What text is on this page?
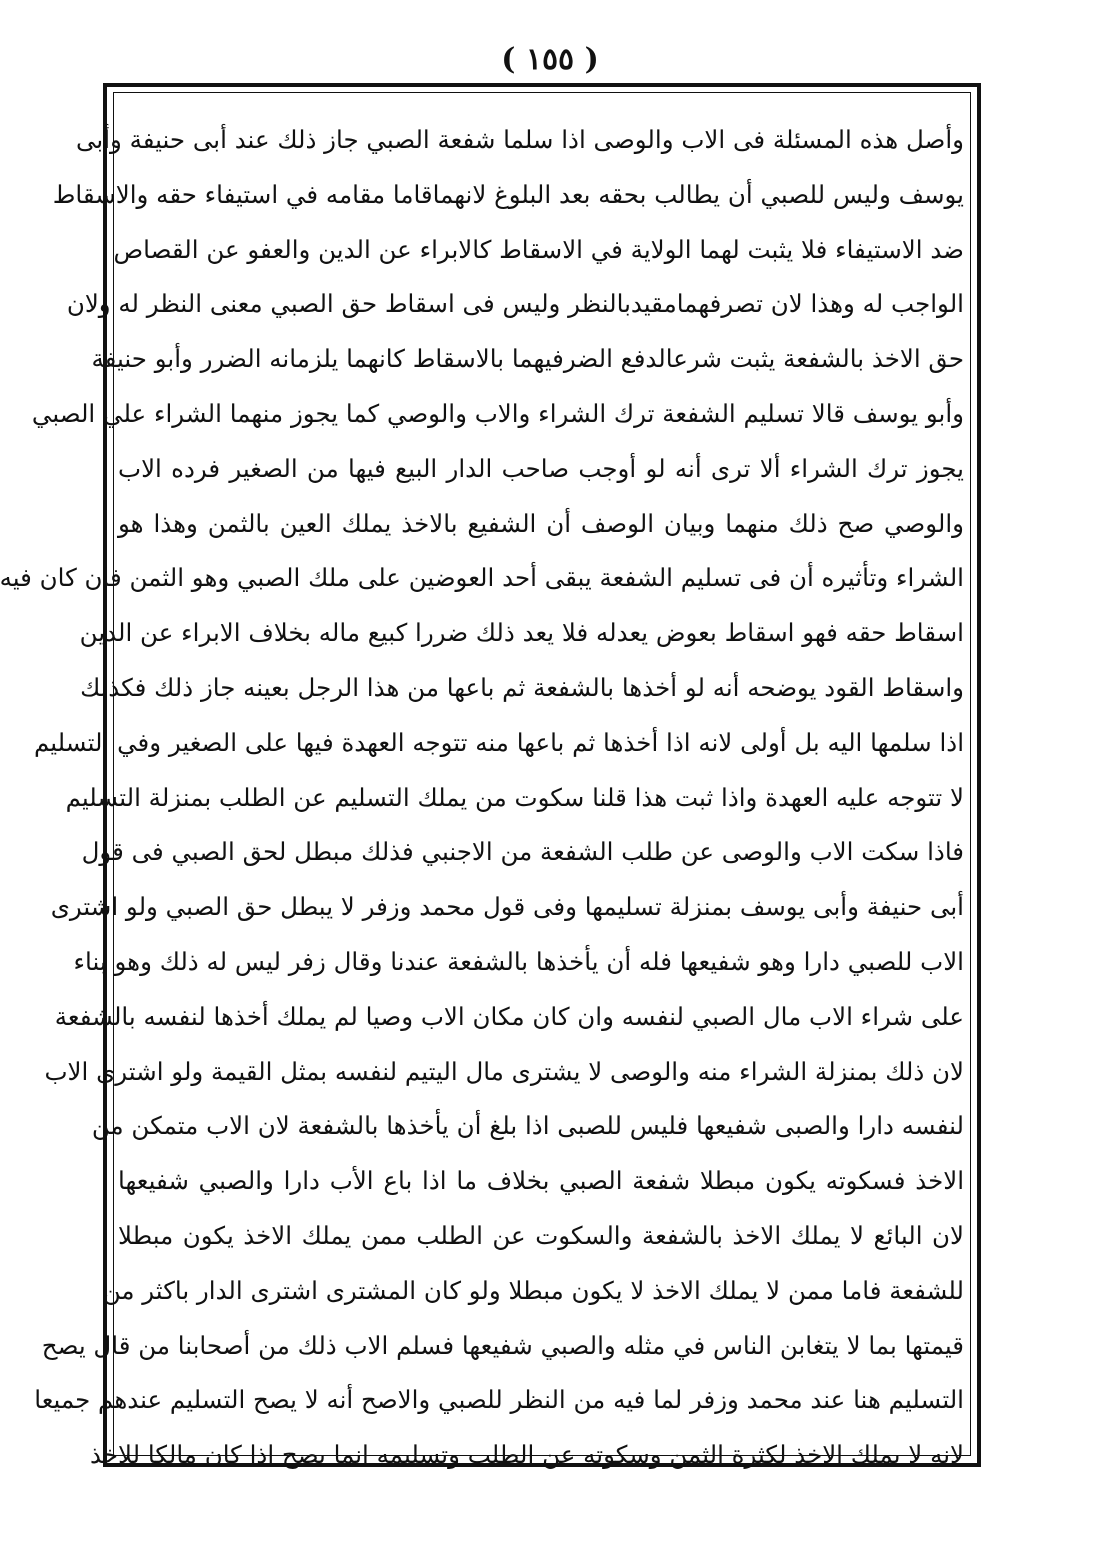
( ١٥٥ )
وأصل هذه المسئلة فى الاب والوصى اذا سلما شفعة الصبي جاز ذلك عند أبى حنيفة وأبى
يوسف وليس للصبي أن يطالب بحقه بعد البلوغ لانهماقاما مقامه في استيفاء حقه والاسقاط
ضد الاستيفاء فلا يثبت لهما الولاية في الاسقاط كالابراء عن الدين والعفو عن القصاص
الواجب له وهذا لان تصرفهمامقيدبالنظر وليس فى اسقاط حق الصبي معنى النظر له ولان
حق الاخذ بالشفعة يثبت شرعالدفع الضرفيهما بالاسقاط كانهما يلزمانه الضرر وأبو حنيفة
وأبو يوسف قالا تسليم الشفعة ترك الشراء والاب والوصي كما يجوز منهما الشراء علي الصبي
يجوز ترك الشراء ألا ترى أنه لو أوجب صاحب الدار البيع فيها من الصغير فرده الاب
والوصي صح ذلك منهما وبيان الوصف أن الشفيع بالاخذ يملك العين بالثمن وهذا هو
الشراء وتأثيره أن فى تسليم الشفعة يبقى أحد العوضين على ملك الصبي وهو الثمن فان كان فيه
اسقاط حقه فهو اسقاط بعوض يعدله فلا يعد ذلك ضررا كبيع ماله بخلاف الابراء عن الدين
واسقاط القود يوضحه أنه لو أخذها بالشفعة ثم باعها من هذا الرجل بعينه جاز ذلك فكذلك
اذا سلمها اليه بل أولى لانه اذا أخذها ثم باعها منه تتوجه العهدة فيها على الصغير وفي التسليم
لا تتوجه عليه العهدة واذا ثبت هذا قلنا سكوت من يملك التسليم عن الطلب بمنزلة التسليم
فاذا سكت الاب والوصى عن طلب الشفعة من الاجنبي فذلك مبطل لحق الصبي فى قول
أبى حنيفة وأبى يوسف بمنزلة تسليمها وفى قول محمد وزفر لا يبطل حق الصبي ولو اشترى
الاب للصبي دارا وهو شفيعها فله أن يأخذها بالشفعة عندنا وقال زفر ليس له ذلك وهو بناء
على شراء الاب مال الصبي لنفسه وان كان مكان الاب وصيا لم يملك أخذها لنفسه بالشفعة
لان ذلك بمنزلة الشراء منه والوصى لا يشترى مال اليتيم لنفسه بمثل القيمة ولو اشترى الاب
لنفسه دارا والصبى شفيعها فليس للصبى اذا بلغ أن يأخذها بالشفعة لان الاب متمكن من
الاخذ فسكوته يكون مبطلا شفعة الصبي بخلاف ما اذا باع الأب دارا والصبي شفيعها
لان البائع لا يملك الاخذ بالشفعة والسكوت عن الطلب ممن يملك الاخذ يكون مبطلا
للشفعة فاما ممن لا يملك الاخذ لا يكون مبطلا ولو كان المشترى اشترى الدار باكثر من
قيمتها بما لا يتغابن الناس في مثله والصبي شفيعها فسلم الاب ذلك من أصحابنا من قال يصح
التسليم هنا عند محمد وزفر لما فيه من النظر للصبي والاصح أنه لا يصح التسليم عندهم جميعا
لانه لا يملك الاخذ لكثرة الثمن وسكوته عن الطلب وتسليمه انما يصح اذا كان مالكا للاخذ
